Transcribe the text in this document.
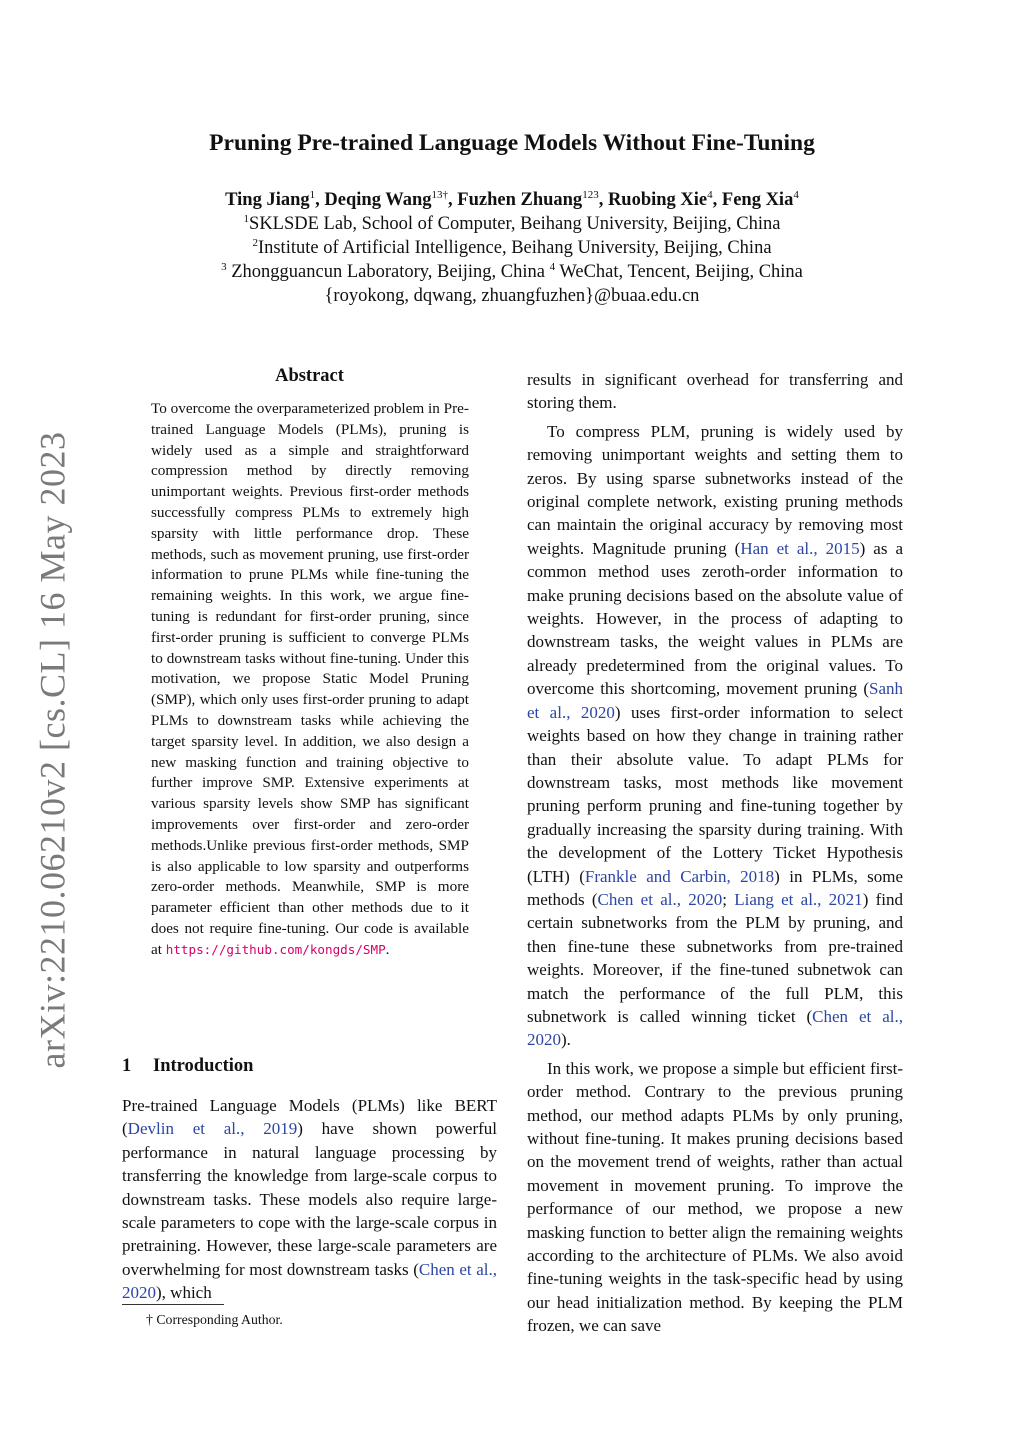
arXiv:2210.06210v2 [cs.CL] 16 May 2023
Pruning Pre-trained Language Models Without Fine-Tuning
Ting Jiang$^1$, Deqing Wang$^{13\dagger}$, Fuzhen Zhuang$^{123}$, Ruobing Xie$^4$, Feng Xia$^4$
$^1$SKLSDE Lab, School of Computer, Beihang University, Beijing, China
$^2$Institute of Artificial Intelligence, Beihang University, Beijing, China
$^3$ Zhongguancun Laboratory, Beijing, China $^4$ WeChat, Tencent, Beijing, China
{royokong, dqwang, zhuangfuzhen}@buaa.edu.cn
Abstract

To overcome the overparameterized problem in Pre-trained Language Models (PLMs), pruning is widely used as a simple and straightforward compression method by directly removing unimportant weights. Previous first-order methods successfully compress PLMs to extremely high sparsity with little performance drop. These methods, such as movement pruning, use first-order information to prune PLMs while fine-tuning the remaining weights. In this work, we argue fine-tuning is redundant for first-order pruning, since first-order pruning is sufficient to converge PLMs to downstream tasks without fine-tuning. Under this motivation, we propose Static Model Pruning (SMP), which only uses first-order pruning to adapt PLMs to downstream tasks while achieving the target sparsity level. In addition, we also design a new masking function and training objective to further improve SMP. Extensive experiments at various sparsity levels show SMP has significant improvements over first-order and zero-order methods.Unlike previous first-order methods, SMP is also applicable to low sparsity and outperforms zero-order methods. Meanwhile, SMP is more parameter efficient than other methods due to it does not require fine-tuning. Our code is available at https://github.com/kongds/SMP.

1 Introduction

Pre-trained Language Models (PLMs) like BERT (Devlin et al., 2019) have shown powerful performance in natural language processing by transferring the knowledge from large-scale corpus to downstream tasks. These models also require large-scale parameters to cope with the large-scale corpus in pretraining. However, these large-scale parameters are overwhelming for most downstream tasks (Chen et al., 2020), which

† Corresponding Author.

results in significant overhead for transferring and storing them.

To compress PLM, pruning is widely used by removing unimportant weights and setting them to zeros. By using sparse subnetworks instead of the original complete network, existing pruning methods can maintain the original accuracy by removing most weights. Magnitude pruning (Han et al., 2015) as a common method uses zeroth-order information to make pruning decisions based on the absolute value of weights. However, in the process of adapting to downstream tasks, the weight values in PLMs are already predetermined from the original values. To overcome this shortcoming, movement pruning (Sanh et al., 2020) uses first-order information to select weights based on how they change in training rather than their absolute value. To adapt PLMs for downstream tasks, most methods like movement pruning perform pruning and fine-tuning together by gradually increasing the sparsity during training. With the development of the Lottery Ticket Hypothesis (LTH) (Frankle and Carbin, 2018) in PLMs, some methods (Chen et al., 2020; Liang et al., 2021) find certain subnetworks from the PLM by pruning, and then fine-tune these subnetworks from pre-trained weights. Moreover, if the fine-tuned subnetwok can match the performance of the full PLM, this subnetwork is called winning ticket (Chen et al., 2020).

In this work, we propose a simple but efficient first-order method. Contrary to the previous pruning method, our method adapts PLMs by only pruning, without fine-tuning. It makes pruning decisions based on the movement trend of weights, rather than actual movement in movement pruning. To improve the performance of our method, we propose a new masking function to better align the remaining weights according to the architecture of PLMs. We also avoid fine-tuning weights in the task-specific head by using our head initialization method. By keeping the PLM frozen, we can save
